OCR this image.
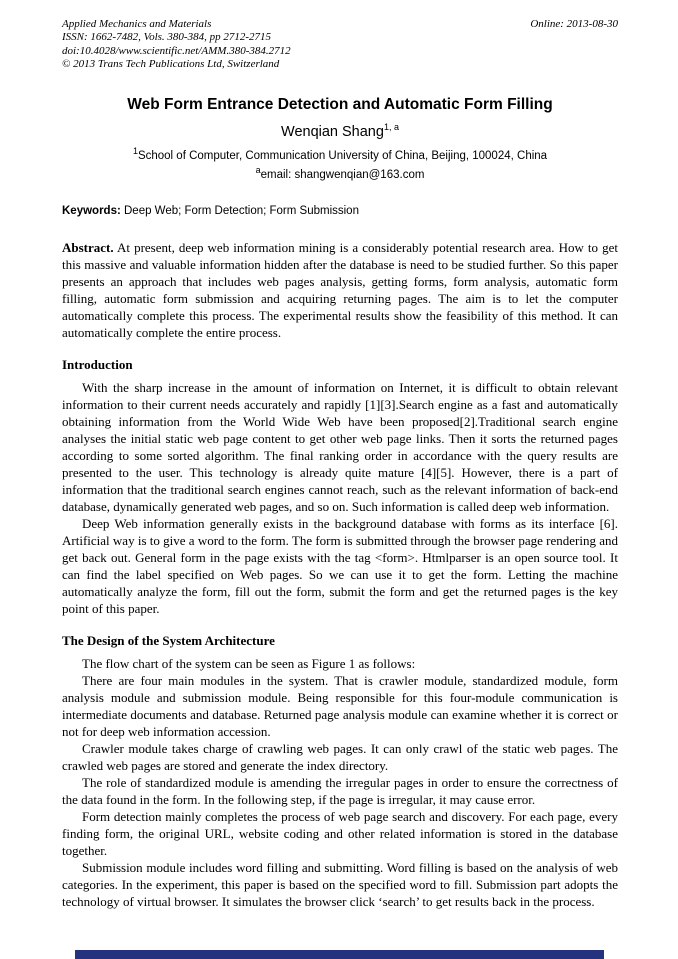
Applied Mechanics and Materials
ISSN: 1662-7482, Vols. 380-384, pp 2712-2715
doi:10.4028/www.scientific.net/AMM.380-384.2712
© 2013 Trans Tech Publications Ltd, Switzerland
Online: 2013-08-30
Web Form Entrance Detection and Automatic Form Filling
Wenqian Shang$^{1, a}$
$^1$School of Computer, Communication University of China, Beijing, 100024, China
$^a$email: shangwenqian@163.com
Keywords: Deep Web; Form Detection; Form Submission
Abstract. At present, deep web information mining is a considerably potential research area. How to get this massive and valuable information hidden after the database is need to be studied further. So this paper presents an approach that includes web pages analysis, getting forms, form analysis, automatic form filling, automatic form submission and acquiring returning pages. The aim is to let the computer automatically complete this process. The experimental results show the feasibility of this method. It can automatically complete the entire process.
Introduction
With the sharp increase in the amount of information on Internet, it is difficult to obtain relevant information to their current needs accurately and rapidly [1][3].Search engine as a fast and automatically obtaining information from the World Wide Web have been proposed[2].Traditional search engine analyses the initial static web page content to get other web page links. Then it sorts the returned pages according to some sorted algorithm. The final ranking order in accordance with the query results are presented to the user. This technology is already quite mature [4][5]. However, there is a part of information that the traditional search engines cannot reach, such as the relevant information of back-end database, dynamically generated web pages, and so on. Such information is called deep web information.
Deep Web information generally exists in the background database with forms as its interface [6]. Artificial way is to give a word to the form. The form is submitted through the browser page rendering and get back out. General form in the page exists with the tag <form>. Htmlparser is an open source tool. It can find the label specified on Web pages. So we can use it to get the form. Letting the machine automatically analyze the form, fill out the form, submit the form and get the returned pages is the key point of this paper.
The Design of the System Architecture
The flow chart of the system can be seen as Figure 1 as follows:
There are four main modules in the system. That is crawler module, standardized module, form analysis module and submission module. Being responsible for this four-module communication is intermediate documents and database. Returned page analysis module can examine whether it is correct or not for deep web information accession.
Crawler module takes charge of crawling web pages. It can only crawl of the static web pages. The crawled web pages are stored and generate the index directory.
The role of standardized module is amending the irregular pages in order to ensure the correctness of the data found in the form. In the following step, if the page is irregular, it may cause error.
Form detection mainly completes the process of web page search and discovery. For each page, every finding form, the original URL, website coding and other related information is stored in the database together.
Submission module includes word filling and submitting. Word filling is based on the analysis of web categories. In the experiment, this paper is based on the specified word to fill. Submission part adopts the technology of virtual browser. It simulates the browser click ‘search’ to get results back in the process.
